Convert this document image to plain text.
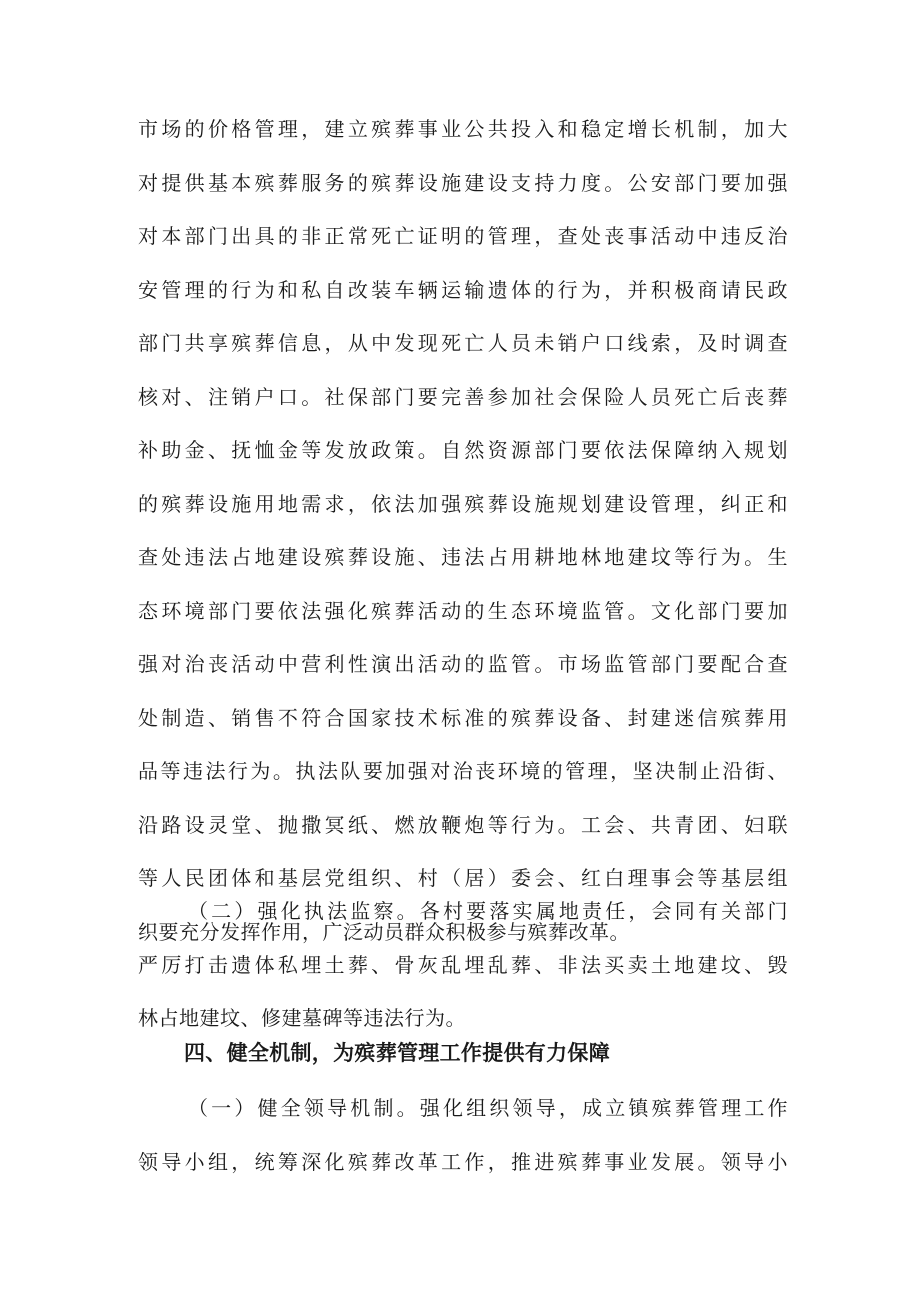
市场的价格管理，建立殡葬事业公共投入和稳定增长机制，加大
对提供基本殡葬服务的殡葬设施建设支持力度。公安部门要加强
对本部门出具的非正常死亡证明的管理，查处丧事活动中违反治
安管理的行为和私自改装车辆运输遗体的行为，并积极商请民政
部门共享殡葬信息，从中发现死亡人员未销户口线索，及时调查
核对、注销户口。社保部门要完善参加社会保险人员死亡后丧葬
补助金、抚恤金等发放政策。自然资源部门要依法保障纳入规划
的殡葬设施用地需求，依法加强殡葬设施规划建设管理，纠正和
查处违法占地建设殡葬设施、违法占用耕地林地建坟等行为。生
态环境部门要依法强化殡葬活动的生态环境监管。文化部门要加
强对治丧活动中营利性演出活动的监管。市场监管部门要配合查
处制造、销售不符合国家技术标准的殡葬设备、封建迷信殡葬用
品等违法行为。执法队要加强对治丧环境的管理，坚决制止沿街、
沿路设灵堂、抛撒冥纸、燃放鞭炮等行为。工会、共青团、妇联
等人民团体和基层党组织、村（居）委会、红白理事会等基层组
织要充分发挥作用，广泛动员群众积极参与殡葬改革。
（二）强化执法监察。各村要落实属地责任，会同有关部门
严厉打击遗体私埋土葬、骨灰乱埋乱葬、非法买卖土地建坟、毁
林占地建坟、修建墓碑等违法行为。
四、健全机制，为殡葬管理工作提供有力保障
（一）健全领导机制。强化组织领导，成立镇殡葬管理工作
领导小组，统筹深化殡葬改革工作，推进殡葬事业发展。领导小
